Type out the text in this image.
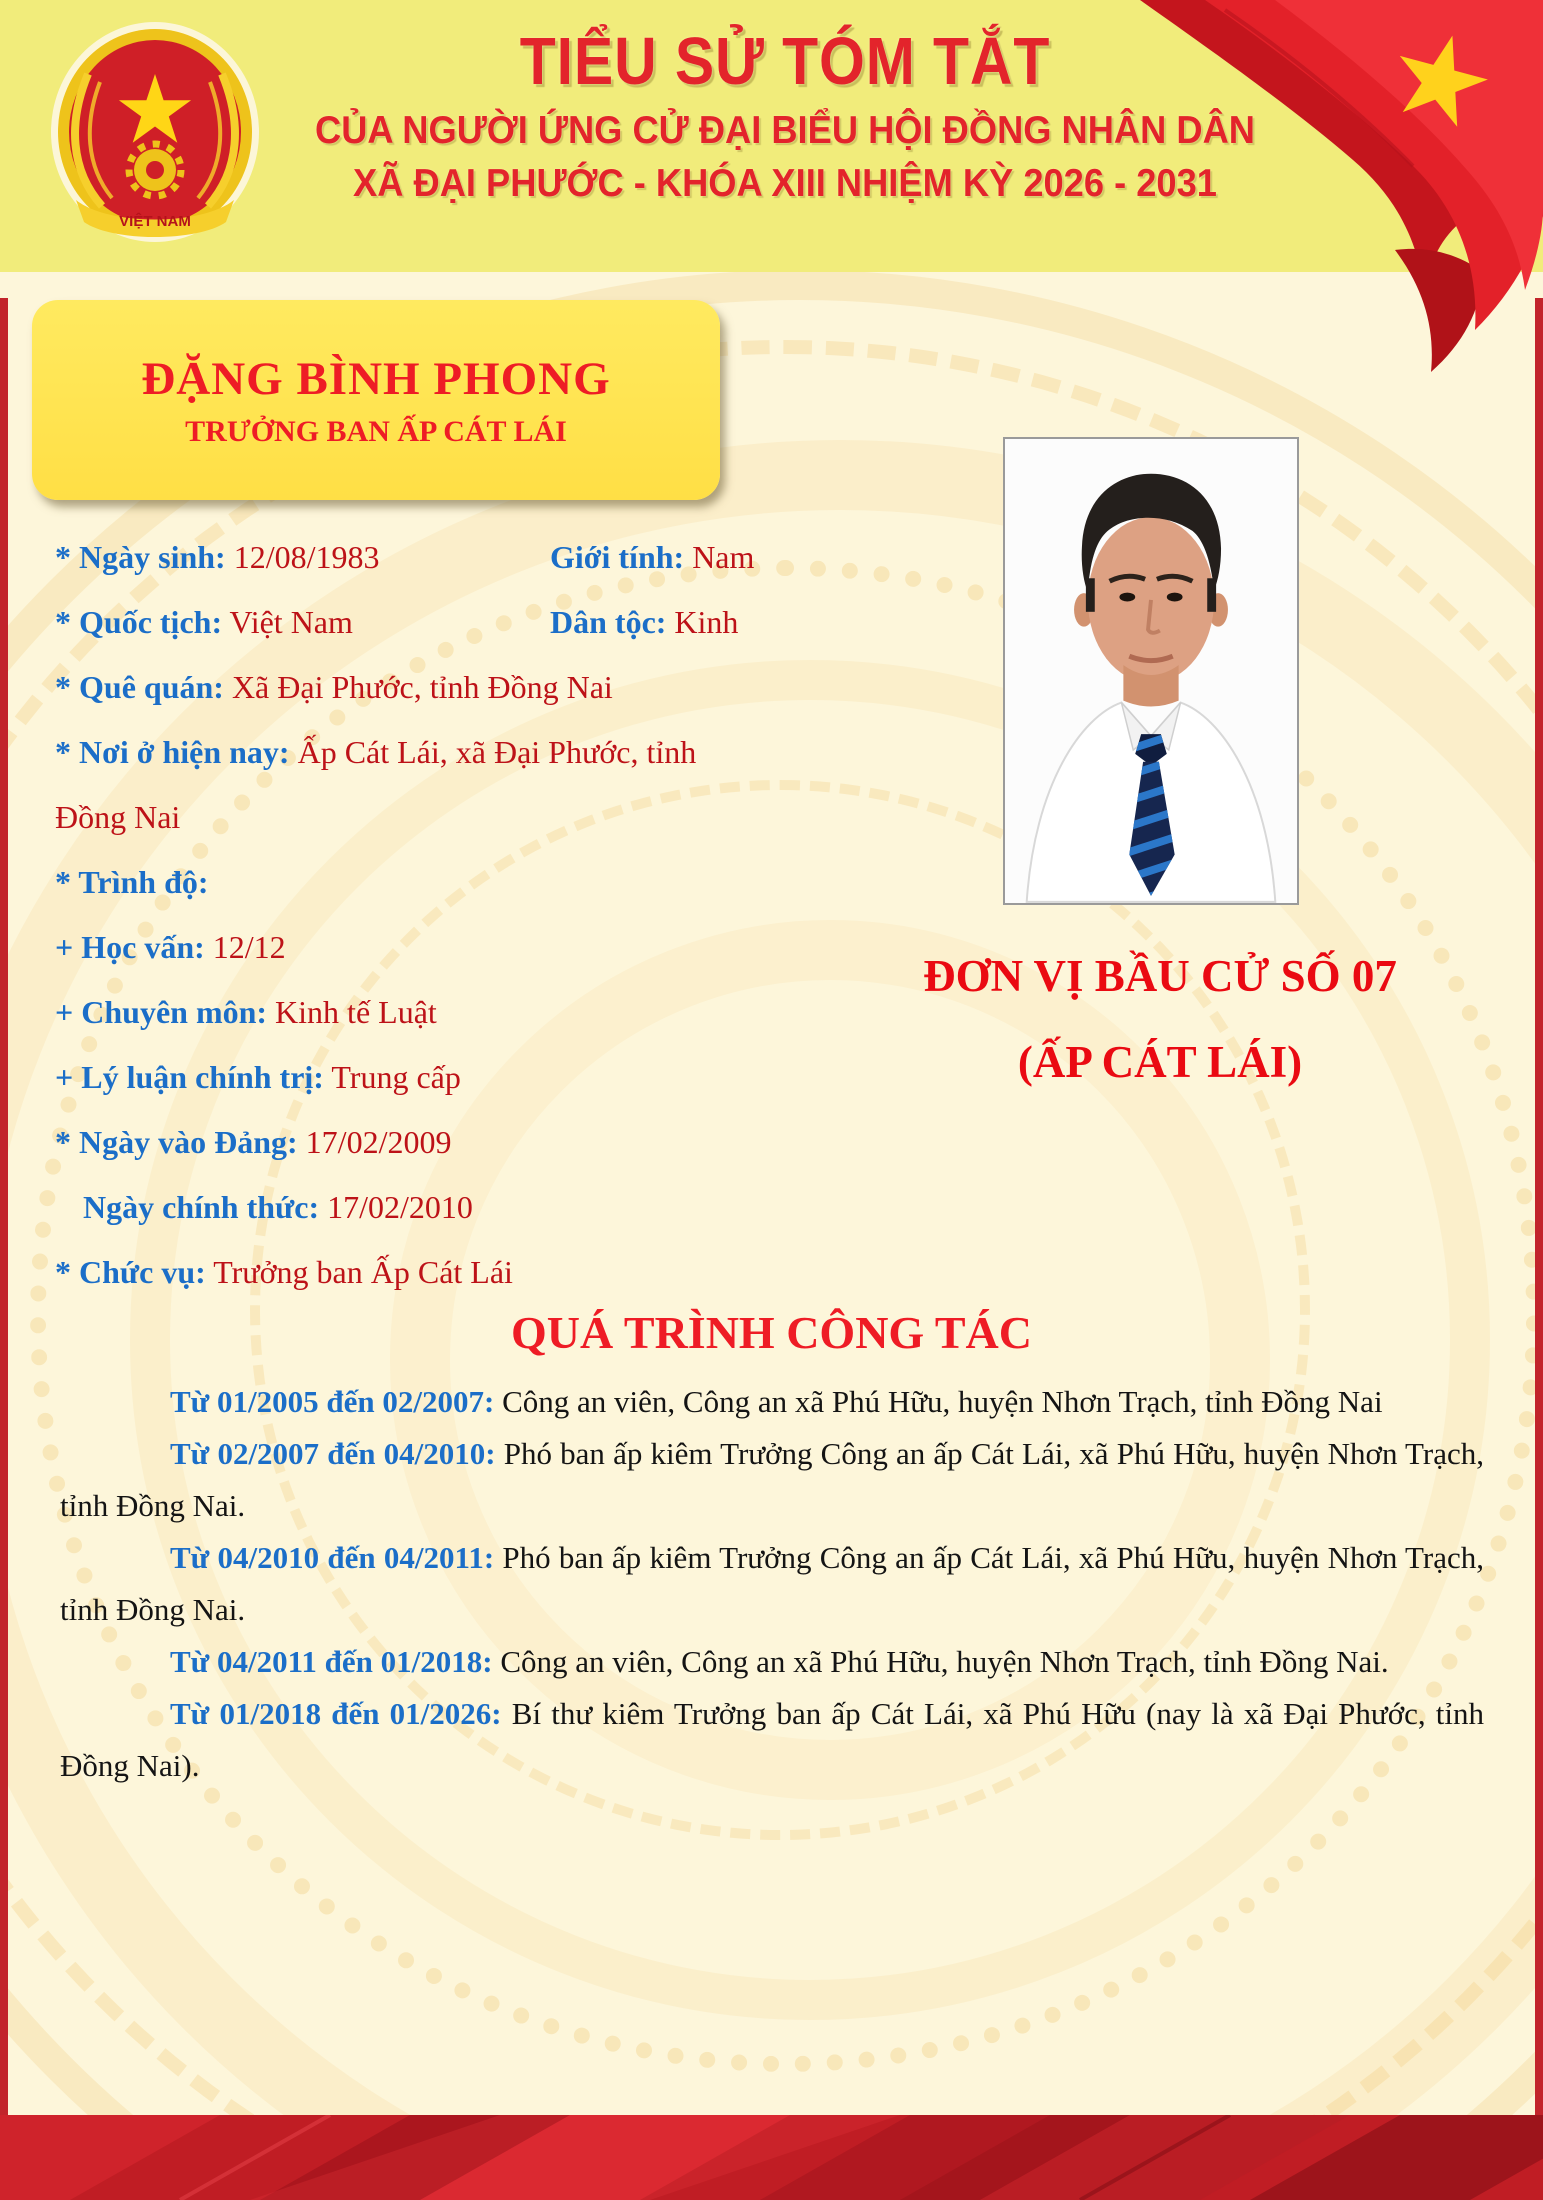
VIỆT NAM
TIỂU SỬ TÓM TẮT
CỦA NGƯỜI ỨNG CỬ ĐẠI BIỂU HỘI ĐỒNG NHÂN DÂN
XÃ ĐẠI PHƯỚC - KHÓA XIII NHIỆM KỲ 2026 - 2031
ĐẶNG BÌNH PHONG
TRƯỞNG BAN ẤP CÁT LÁI
* Ngày sinh: 12/08/1983	Giới tính: Nam
* Quốc tịch: Việt Nam	Dân tộc: Kinh
* Quê quán: Xã Đại Phước, tỉnh Đồng Nai
* Nơi ở hiện nay: Ấp Cát Lái, xã Đại Phước, tỉnh Đồng Nai
* Trình độ:
+ Học vấn: 12/12
+ Chuyên môn: Kinh tế Luật
+ Lý luận chính trị: Trung cấp
* Ngày vào Đảng: 17/02/2009
Ngày chính thức: 17/02/2010
* Chức vụ: Trưởng ban Ấp Cát Lái
ĐƠN VỊ BẦU CỬ SỐ 07
(ẤP CÁT LÁI)
QUÁ TRÌNH CÔNG TÁC

Từ 01/2005 đến 02/2007: Công an viên, Công an xã Phú Hữu, huyện Nhơn Trạch, tỉnh Đồng Nai

Từ 02/2007 đến 04/2010: Phó ban ấp kiêm Trưởng Công an ấp Cát Lái, xã Phú Hữu, huyện Nhơn Trạch, tỉnh Đồng Nai.

Từ 04/2010 đến 04/2011: Phó ban ấp kiêm Trưởng Công an ấp Cát Lái, xã Phú Hữu, huyện Nhơn Trạch, tỉnh Đồng Nai.

Từ 04/2011 đến 01/2018: Công an viên, Công an xã Phú Hữu, huyện Nhơn Trạch, tỉnh Đồng Nai.

Từ 01/2018 đến 01/2026: Bí thư kiêm Trưởng ban ấp Cát Lái, xã Phú Hữu (nay là xã Đại Phước, tỉnh Đồng Nai).
